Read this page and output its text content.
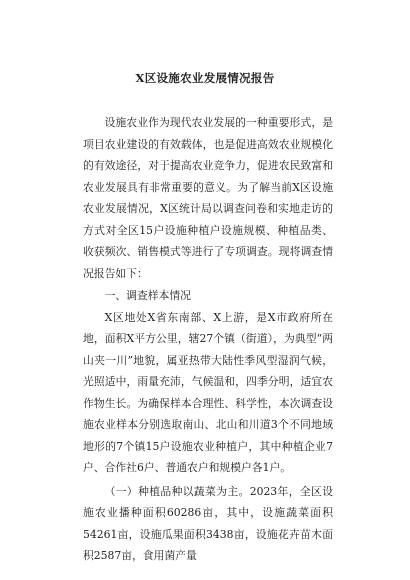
X区设施农业发展情况报告

设施农业作为现代农业发展的一种重要形式，是项目农业建设的有效载体，也是促进高效农业规模化的有效途径，对于提高农业竞争力，促进农民致富和农业发展具有非常重要的意义。为了解当前X区设施农业发展情况，X区统计局以调查问卷和实地走访的方式对全区15户设施种植户设施规模、种植品类、收获频次、销售模式等进行了专项调查。现将调查情况报告如下：

一、调查样本情况

X区地处X省东南部、X上游，是X市政府所在地，面积X平方公里，辖27个镇（街道），为典型“两山夹一川”地貌，属亚热带大陆性季风型湿润气候，光照适中，雨量充沛，气候温和，四季分明，适宜农作物生长。为确保样本合理性、科学性，本次调查设施农业样本分别选取南山、北山和川道3个不同地域地形的7个镇15户设施农业种植户，其中种植企业7户、合作社6户、普通农户和规模户各1户。

（一）种植品种以蔬菜为主。2023年，全区设施农业播种面积60286亩，其中，设施蔬菜面积54261亩，设施瓜果面积3438亩，设施花卉苗木面积2587亩，食用菌产量
